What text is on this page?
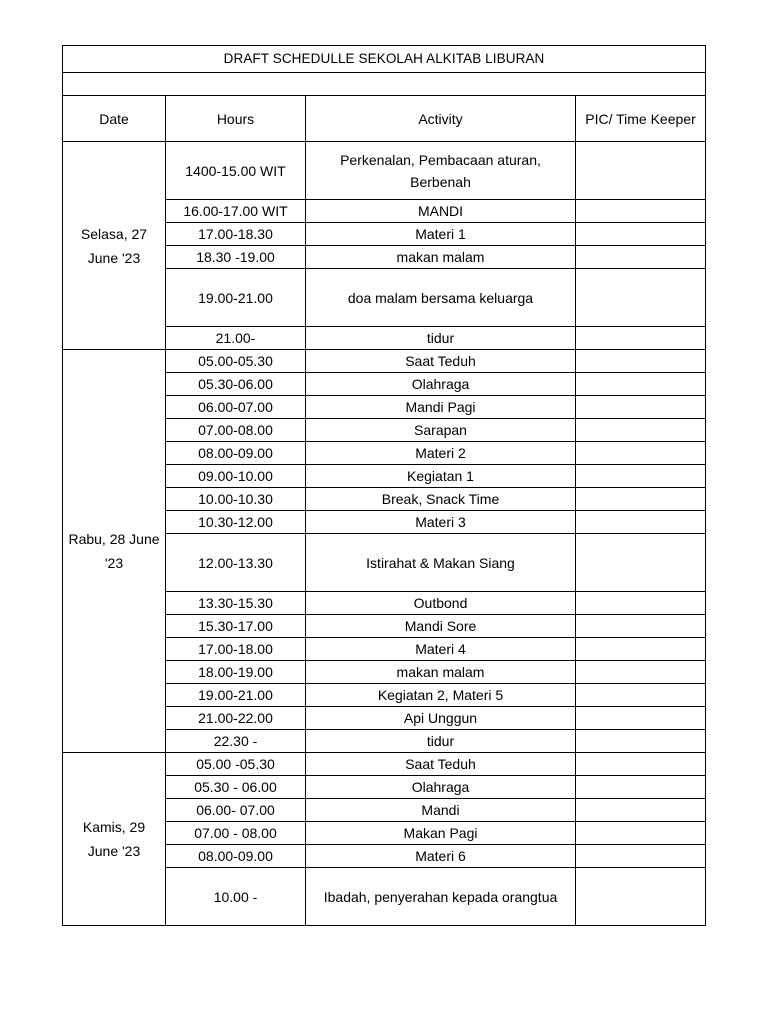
DRAFT SCHEDULLE SEKOLAH ALKITAB LIBURAN			

Date	Hours	Activity	PIC/ Time Keeper
Selasa, 27 June '23	1400-15.00 WIT	Perkenalan, Pembacaan aturan, Berbenah	
	16.00-17.00 WIT	MANDI	
	17.00-18.30	Materi 1	
	18.30 -19.00	makan malam	
	19.00-21.00	doa malam bersama keluarga	
	21.00-	tidur	
Rabu, 28 June '23	05.00-05.30	Saat Teduh	
	05.30-06.00	Olahraga	
	06.00-07.00	Mandi Pagi	
	07.00-08.00	Sarapan	
	08.00-09.00	Materi 2	
	09.00-10.00	Kegiatan 1	
	10.00-10.30	Break, Snack Time	
	10.30-12.00	Materi 3	
	12.00-13.30	Istirahat & Makan Siang	
	13.30-15.30	Outbond	
	15.30-17.00	Mandi Sore	
	17.00-18.00	Materi 4	
	18.00-19.00	makan malam	
	19.00-21.00	Kegiatan 2, Materi 5	
	21.00-22.00	Api Unggun	
	22.30 -	tidur	
Kamis, 29 June '23	05.00 -05.30	Saat Teduh	
	05.30 - 06.00	Olahraga	
	06.00- 07.00	Mandi	
	07.00 - 08.00	Makan Pagi	
	08.00-09.00	Materi 6	
	10.00 -	Ibadah, penyerahan kepada orangtua	
